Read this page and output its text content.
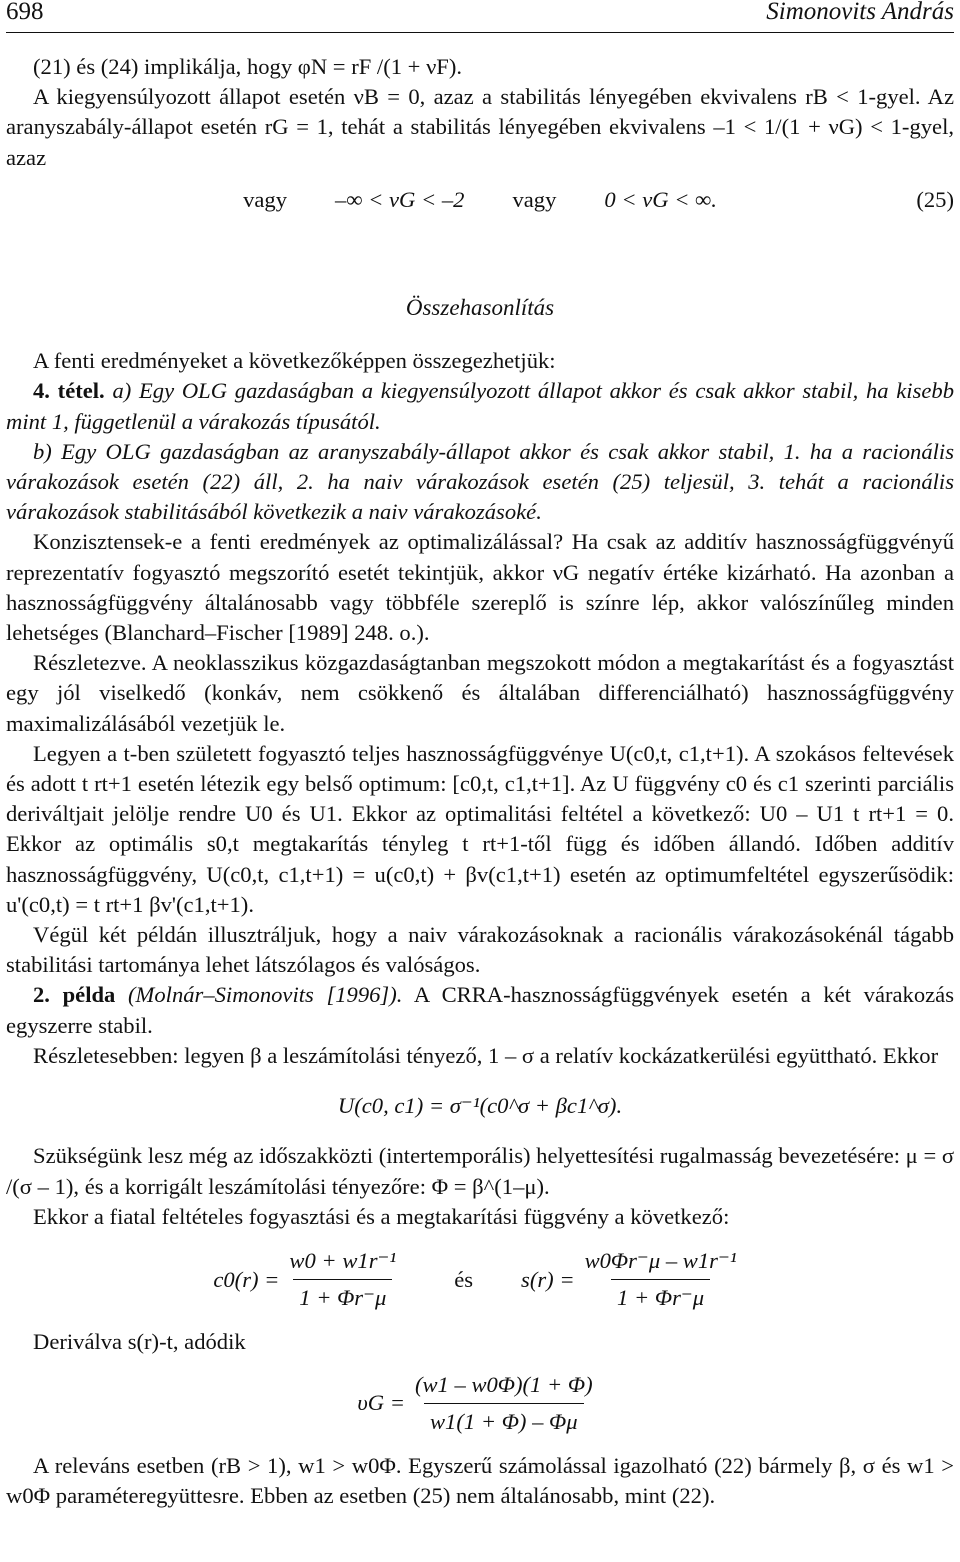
698	Simonovits András

(21) és (24) implikálja, hogy φN = rF /(1 + νF).

A kiegyensúlyozott állapot esetén νB = 0, azaz a stabilitás lényegében ekvivalens rB < 1-gyel. Az aranyszabály-állapot esetén rG = 1, tehát a stabilitás lényegében ekvivalens –1 < 1/(1 + νG) < 1-gyel, azaz

vagy –∞ < νG < –2 vagy 0 < νG < ∞.	(25)
Összehasonlítás

A fenti eredményeket a következőképpen összegezhetjük:

4. tétel. a) Egy OLG gazdaságban a kiegyensúlyozott állapot akkor és csak akkor stabil, ha kisebb mint 1, függetlenül a várakozás típusától.

b) Egy OLG gazdaságban az aranyszabály-állapot akkor és csak akkor stabil, 1. ha a racionális várakozások esetén (22) áll, 2. ha naiv várakozások esetén (25) teljesül, 3. tehát a racionális várakozások stabilitásából következik a naiv várakozásoké.

Konzisztensek-e a fenti eredmények az optimalizálással? Ha csak az additív hasznosságfüggvényű reprezentatív fogyasztó megszorító esetét tekintjük, akkor νG negatív értéke kizárható. Ha azonban a hasznosságfüggvény általánosabb vagy többféle szereplő is színre lép, akkor valószínűleg minden lehetséges (Blanchard–Fischer [1989] 248. o.).

Részletezve. A neoklasszikus közgazdaságtanban megszokott módon a megtakarítást és a fogyasztást egy jól viselkedő (konkáv, nem csökkenő és általában differenciálható) hasznosságfüggvény maximalizálásából vezetjük le.

Legyen a t-ben született fogyasztó teljes hasznosságfüggvénye U(c0,t, c1,t+1). A szokásos feltevések és adott t rt+1 esetén létezik egy belső optimum: [c0,t, c1,t+1]. Az U függvény c0 és c1 szerinti parciális deriváltjait jelölje rendre U0 és U1. Ekkor az optimalitási feltétel a következő: U0 – U1 t rt+1 = 0. Ekkor az optimális s0,t megtakarítás tényleg t rt+1-től függ és időben állandó. Időben additív hasznosságfüggvény, U(c0,t, c1,t+1) = u(c0,t) + βv(c1,t+1) esetén az optimumfeltétel egyszerűsödik: u'(c0,t) = t rt+1 βv'(c1,t+1).

Végül két példán illusztráljuk, hogy a naiv várakozásoknak a racionális várakozásokénál tágabb stabilitási tartománya lehet látszólagos és valóságos.

2. példa (Molnár–Simonovits [1996]). A CRRA-hasznosságfüggvények esetén a két várakozás egyszerre stabil.

Részletesebben: legyen β a leszámítolási tényező, 1 – σ a relatív kockázatkerülési együttható. Ekkor

U(c0, c1) = σ⁻¹(c0^σ + βc1^σ).

Szükségünk lesz még az időszakközti (intertemporális) helyettesítési rugalmasság bevezetésére: μ = σ /(σ – 1), és a korrigált leszámítolási tényezőre: Φ = β^(1–μ).

Ekkor a fiatal feltételes fogyasztási és a megtakarítási függvény a következő:

$c0(r) = \frac{\text{w0 + w1r⁻¹}}{1 + \Phi r^-\mu}$ és $s(r) = \frac{\text{w0Φr⁻μ – w1r⁻¹}}{1 + \Phi r^-\mu}$

Deriválva s(r)-t, adódik

$\upsilon G = \frac{(w1 - w0\Phi)(1 + \Phi)}{w1(1 + \Phi) - \Phi\mu}$

A releváns esetben (rB > 1), w1 > w0Φ. Egyszerű számolással igazolható (22) bármely β, σ és w1 > w0Φ paraméteregyüttesre. Ebben az esetben (25) nem általánosabb, mint (22).
